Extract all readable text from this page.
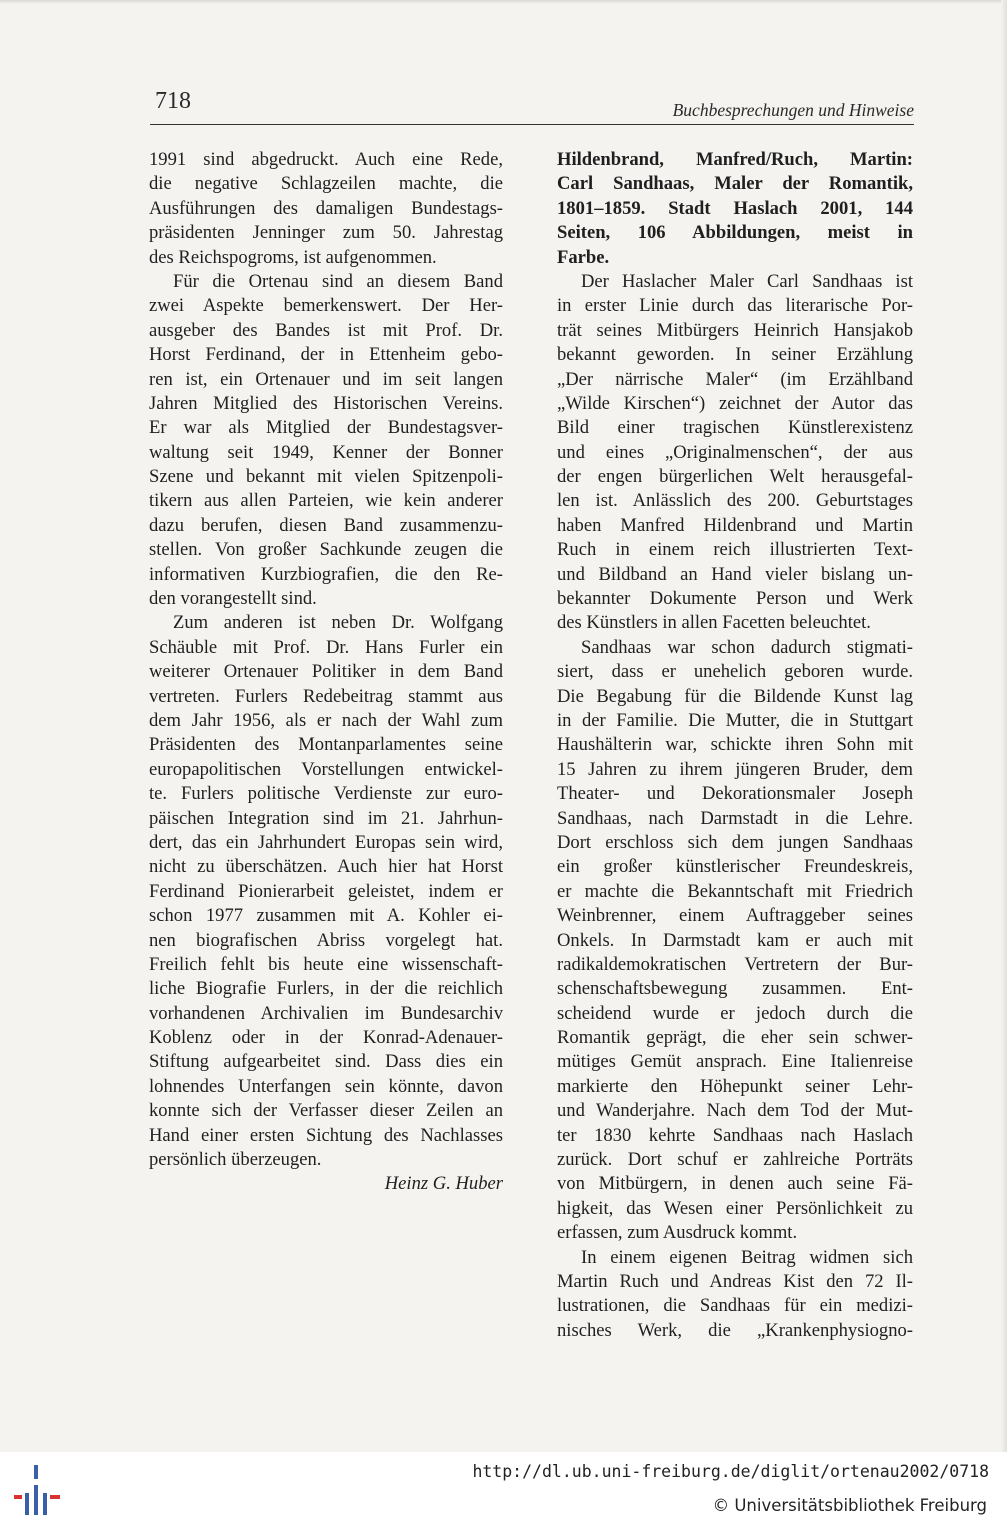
718	Buchbesprechungen und Hinweise
1991 sind abgedruckt. Auch eine Rede,
die negative Schlagzeilen machte, die
Ausführungen des damaligen Bundestags-
präsidenten Jenninger zum 50. Jahrestag
des Reichspogroms, ist aufgenommen.
Für die Ortenau sind an diesem Band
zwei Aspekte bemerkenswert. Der Her-
ausgeber des Bandes ist mit Prof. Dr.
Horst Ferdinand, der in Ettenheim gebo-
ren ist, ein Ortenauer und im seit langen
Jahren Mitglied des Historischen Vereins.
Er war als Mitglied der Bundestagsver-
waltung seit 1949, Kenner der Bonner
Szene und bekannt mit vielen Spitzenpoli-
tikern aus allen Parteien, wie kein anderer
dazu berufen, diesen Band zusammenzu-
stellen. Von großer Sachkunde zeugen die
informativen Kurzbiografien, die den Re-
den vorangestellt sind.
Zum anderen ist neben Dr. Wolfgang
Schäuble mit Prof. Dr. Hans Furler ein
weiterer Ortenauer Politiker in dem Band
vertreten. Furlers Redebeitrag stammt aus
dem Jahr 1956, als er nach der Wahl zum
Präsidenten des Montanparlamentes seine
europapolitischen Vorstellungen entwickel-
te. Furlers politische Verdienste zur euro-
päischen Integration sind im 21. Jahrhun-
dert, das ein Jahrhundert Europas sein wird,
nicht zu überschätzen. Auch hier hat Horst
Ferdinand Pionierarbeit geleistet, indem er
schon 1977 zusammen mit A. Kohler ei-
nen biografischen Abriss vorgelegt hat.
Freilich fehlt bis heute eine wissenschaft-
liche Biografie Furlers, in der die reichlich
vorhandenen Archivalien im Bundesarchiv
Koblenz oder in der Konrad-Adenauer-
Stiftung aufgearbeitet sind. Dass dies ein
lohnendes Unterfangen sein könnte, davon
konnte sich der Verfasser dieser Zeilen an
Hand einer ersten Sichtung des Nachlasses
persönlich überzeugen.
Heinz G. Huber
Hildenbrand, Manfred/Ruch, Martin:
Carl Sandhaas, Maler der Romantik,
1801–1859. Stadt Haslach 2001, 144
Seiten, 106 Abbildungen, meist in
Farbe.
Der Haslacher Maler Carl Sandhaas ist
in erster Linie durch das literarische Por-
trät seines Mitbürgers Heinrich Hansjakob
bekannt geworden. In seiner Erzählung
„Der närrische Maler“ (im Erzählband
„Wilde Kirschen“) zeichnet der Autor das
Bild einer tragischen Künstlerexistenz
und eines „Originalmenschen“, der aus
der engen bürgerlichen Welt herausgefal-
len ist. Anlässlich des 200. Geburtstages
haben Manfred Hildenbrand und Martin
Ruch in einem reich illustrierten Text-
und Bildband an Hand vieler bislang un-
bekannter Dokumente Person und Werk
des Künstlers in allen Facetten beleuchtet.
Sandhaas war schon dadurch stigmati-
siert, dass er unehelich geboren wurde.
Die Begabung für die Bildende Kunst lag
in der Familie. Die Mutter, die in Stuttgart
Haushälterin war, schickte ihren Sohn mit
15 Jahren zu ihrem jüngeren Bruder, dem
Theater- und Dekorationsmaler Joseph
Sandhaas, nach Darmstadt in die Lehre.
Dort erschloss sich dem jungen Sandhaas
ein großer künstlerischer Freundeskreis,
er machte die Bekanntschaft mit Friedrich
Weinbrenner, einem Auftraggeber seines
Onkels. In Darmstadt kam er auch mit
radikaldemokratischen Vertretern der Bur-
schenschaftsbewegung zusammen. Ent-
scheidend wurde er jedoch durch die
Romantik geprägt, die eher sein schwer-
mütiges Gemüt ansprach. Eine Italienreise
markierte den Höhepunkt seiner Lehr-
und Wanderjahre. Nach dem Tod der Mut-
ter 1830 kehrte Sandhaas nach Haslach
zurück. Dort schuf er zahlreiche Porträts
von Mitbürgern, in denen auch seine Fä-
higkeit, das Wesen einer Persönlichkeit zu
erfassen, zum Ausdruck kommt.
In einem eigenen Beitrag widmen sich
Martin Ruch und Andreas Kist den 72 Il-
lustrationen, die Sandhaas für ein medizi-
nisches Werk, die „Krankenphysiogno-
http://dl.ub.uni-freiburg.de/diglit/ortenau2002/0718
© Universitätsbibliothek Freiburg
